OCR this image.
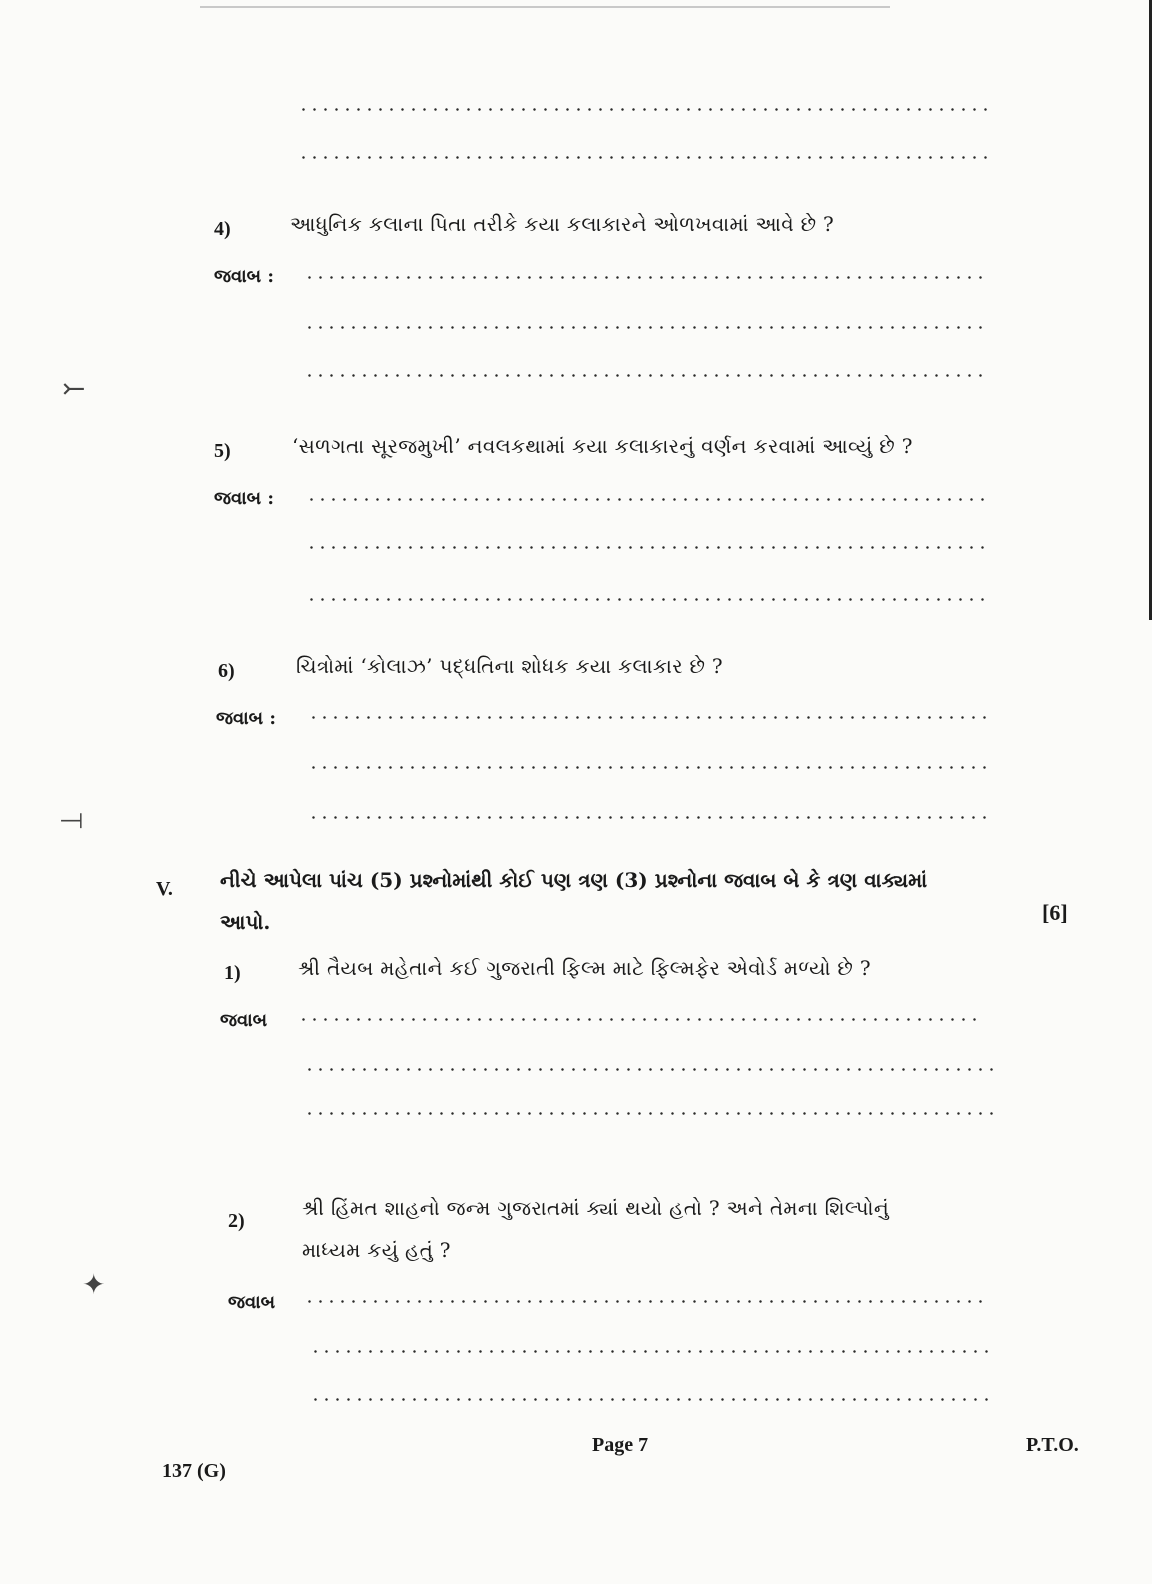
⤚
⟞
✦
4)	આધુનિક કલાના પિતા તરીકે કયા કલાકારને ઓળખવામાં આવે છે ?
જવાબ :
5)	‘સળગતા સૂરજમુખી’ નવલકથામાં કયા કલાકારનું વર્ણન કરવામાં આવ્યું છે ?
જવાબ :
6)	ચિત્રોમાં ‘કોલાઝ’ પદ્ધતિના શોધક કયા કલાકાર છે ?
જવાબ :
V. નીચે આપેલા પાંચ (5) પ્રશ્નોમાંથી કોઈ પણ ત્રણ (3) પ્રશ્નોના જવાબ બે કે ત્રણ વાક્યમાં
આપો.	[6]
1)	શ્રી તૈયબ મહેતાને કઈ ગુજરાતી ફિલ્મ માટે ફિલ્મફેર એવોર્ડ મળ્યો છે ?
જવાબ
2)
શ્રી હિંમત શાહનો જન્મ ગુજરાતમાં ક્યાં થયો હતો ? અને તેમના શિલ્પોનું
માધ્યમ કયું હતું ?
જવાબ
137 (G)
Page 7	P.T.O.
